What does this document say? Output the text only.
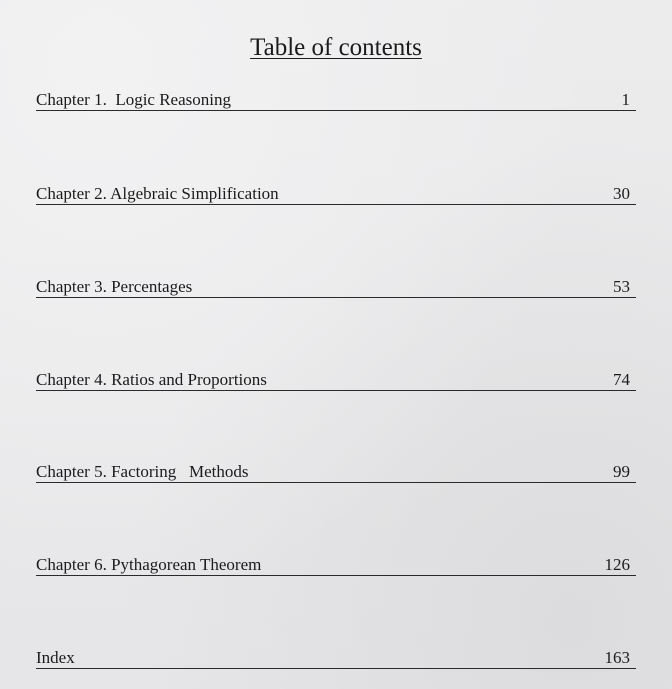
Table of contents
Chapter 1.  Logic Reasoning	1
Chapter 2. Algebraic Simplification	30
Chapter 3. Percentages	53
Chapter 4. Ratios and Proportions	74
Chapter 5. Factoring   Methods	99
Chapter 6. Pythagorean Theorem	126
Index	163
